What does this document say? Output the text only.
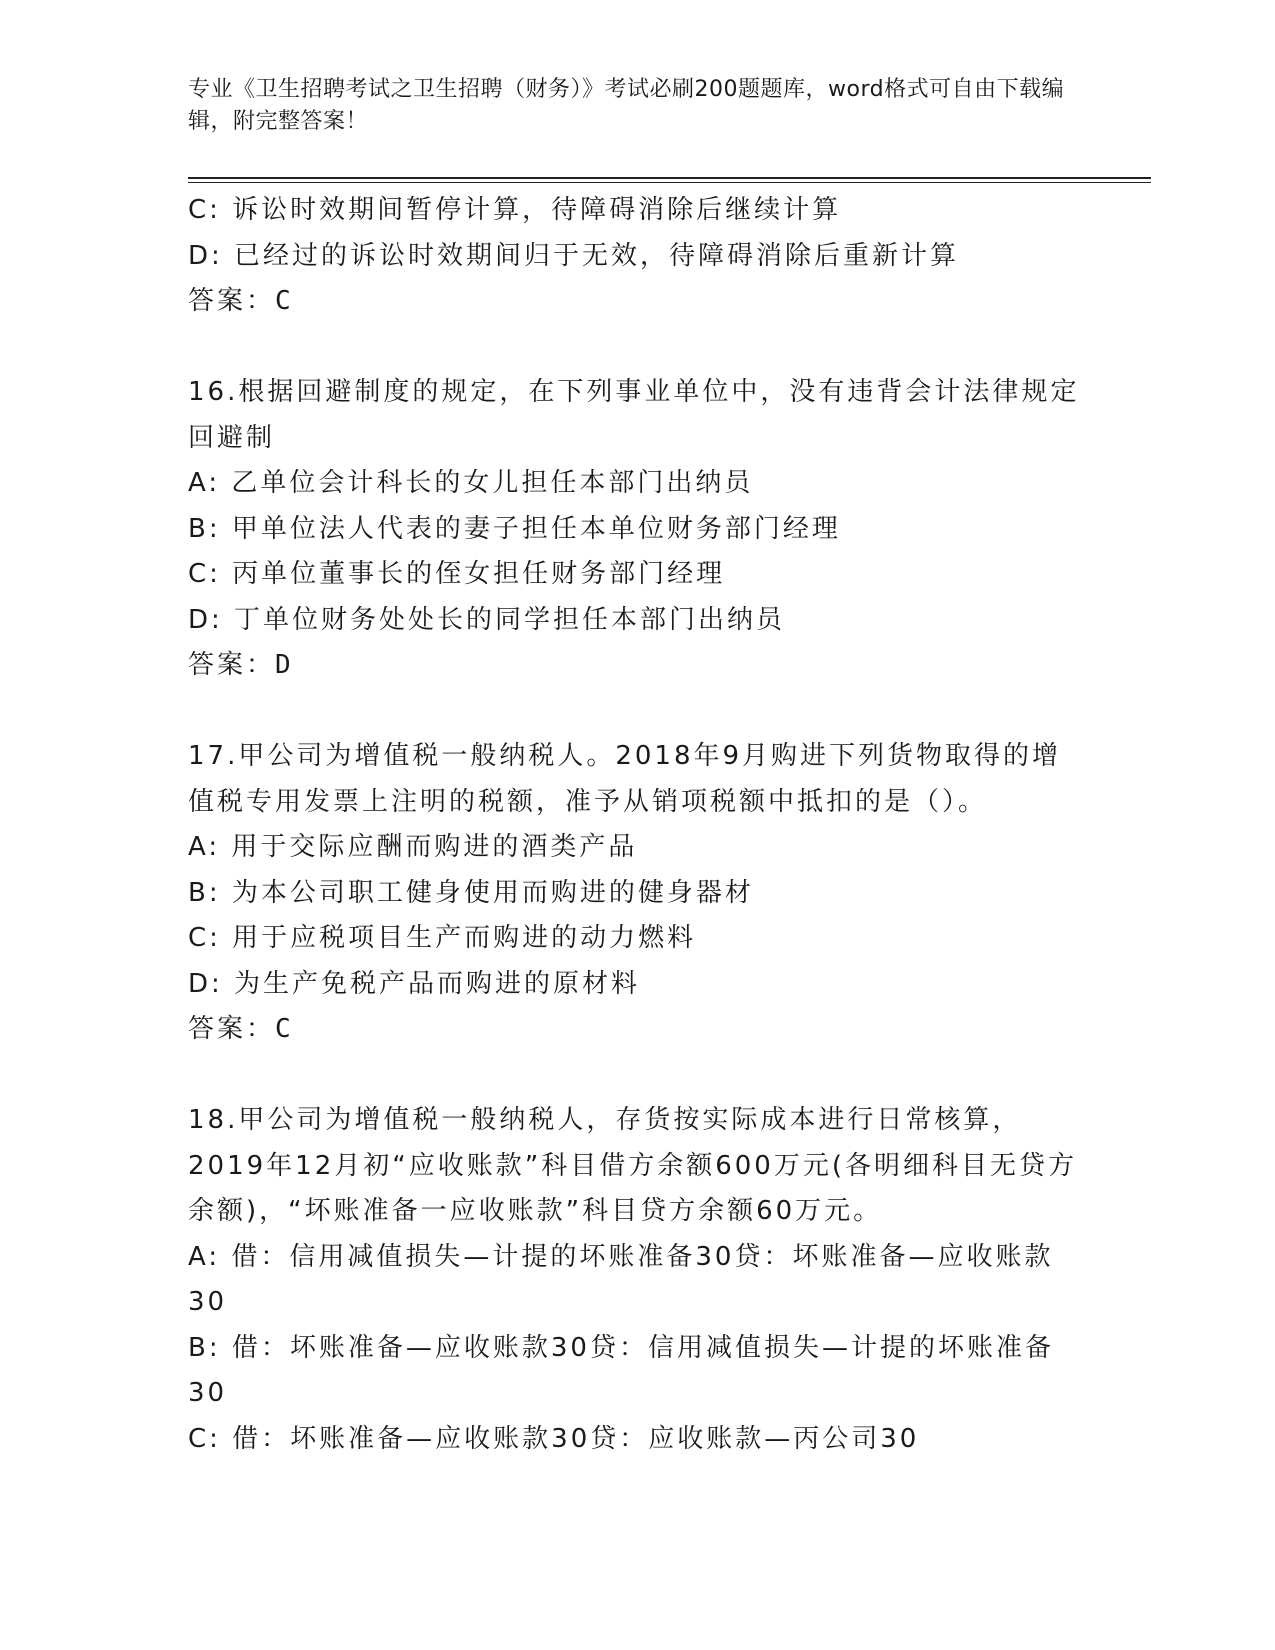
专业《卫生招聘考试之卫生招聘（财务）》考试必刷200题题库，word格式可自由下载编辑，附完整答案！
C: 诉讼时效期间暂停计算，待障碍消除后继续计算
D: 已经过的诉讼时效期间归于无效，待障碍消除后重新计算
答案：C
16.根据回避制度的规定，在下列事业单位中，没有违背会计法律规定回避制
A: 乙单位会计科长的女儿担任本部门出纳员
B: 甲单位法人代表的妻子担任本单位财务部门经理
C: 丙单位董事长的侄女担任财务部门经理
D: 丁单位财务处处长的同学担任本部门出纳员
答案：D
17.甲公司为增值税一般纳税人。2018年9月购进下列货物取得的增值税专用发票上注明的税额，准予从销项税额中抵扣的是（）。
A: 用于交际应酬而购进的酒类产品
B: 为本公司职工健身使用而购进的健身器材
C: 用于应税项目生产而购进的动力燃料
D: 为生产免税产品而购进的原材料
答案：C
18.甲公司为增值税一般纳税人，存货按实际成本进行日常核算，2019年12月初“应收账款”科目借方余额600万元(各明细科目无贷方余额)，“坏账准备一应收账款”科目贷方余额60万元。
A: 借：信用减值损失—计提的坏账准备30贷：坏账准备—应收账款30
B: 借：坏账准备—应收账款30贷：信用减值损失—计提的坏账准备30
C: 借：坏账准备—应收账款30贷：应收账款—丙公司30
